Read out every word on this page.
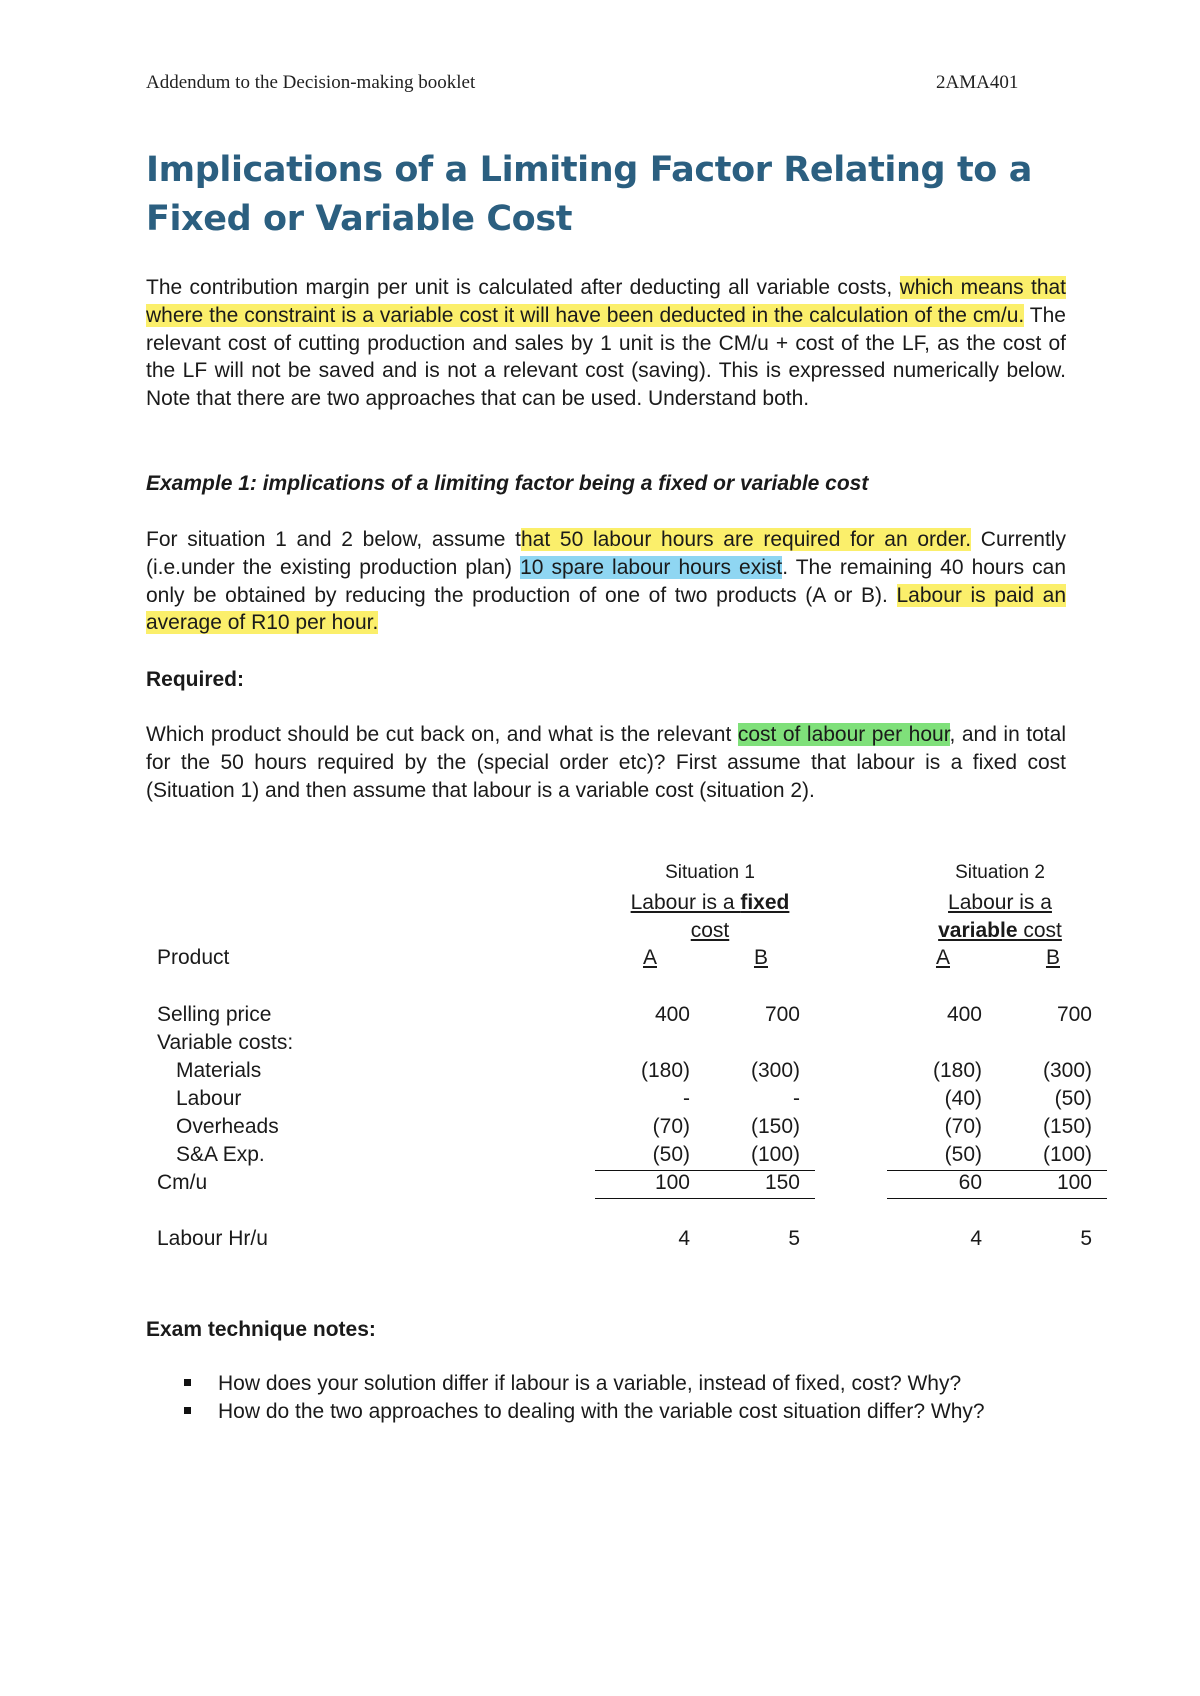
Addendum to the Decision-making booklet	2AMA401
Implications of a Limiting Factor Relating to a Fixed or Variable Cost
The contribution margin per unit is calculated after deducting all variable costs, which means that where the constraint is a variable cost it will have been deducted in the calculation of the cm/u. The relevant cost of cutting production and sales by 1 unit is the CM/u + cost of the LF, as the cost of the LF will not be saved and is not a relevant cost (saving). This is expressed numerically below. Note that there are two approaches that can be used. Understand both.
Example 1: implications of a limiting factor being a fixed or variable cost
For situation 1 and 2 below, assume that 50 labour hours are required for an order. Currently (i.e.under the existing production plan) 10 spare labour hours exist. The remaining 40 hours can only be obtained by reducing the production of one of two products (A or B). Labour is paid an average of R10 per hour.
Required:
Which product should be cut back on, and what is the relevant cost of labour per hour, and in total for the 50 hours required by the (special order etc)? First assume that labour is a fixed cost (Situation 1) and then assume that labour is a variable cost (situation 2).
Situation 1	Situation 2
Labour is a fixed
cost
Labour is a
variable cost
Product	A	B	A	B
Selling price	400	700	400	700
Variable costs:
Materials	(180)	(300)	(180)	(300)
Labour	-	-	(40)	(50)
Overheads	(70)	(150)	(70)	(150)
S&A Exp.	(50)	(100)	(50)	(100)
Cm/u	100	150	60	100
Labour Hr/u	4	5	4	5
Exam technique notes:
How does your solution differ if labour is a variable, instead of fixed, cost? Why?
How do the two approaches to dealing with the variable cost situation differ? Why?
